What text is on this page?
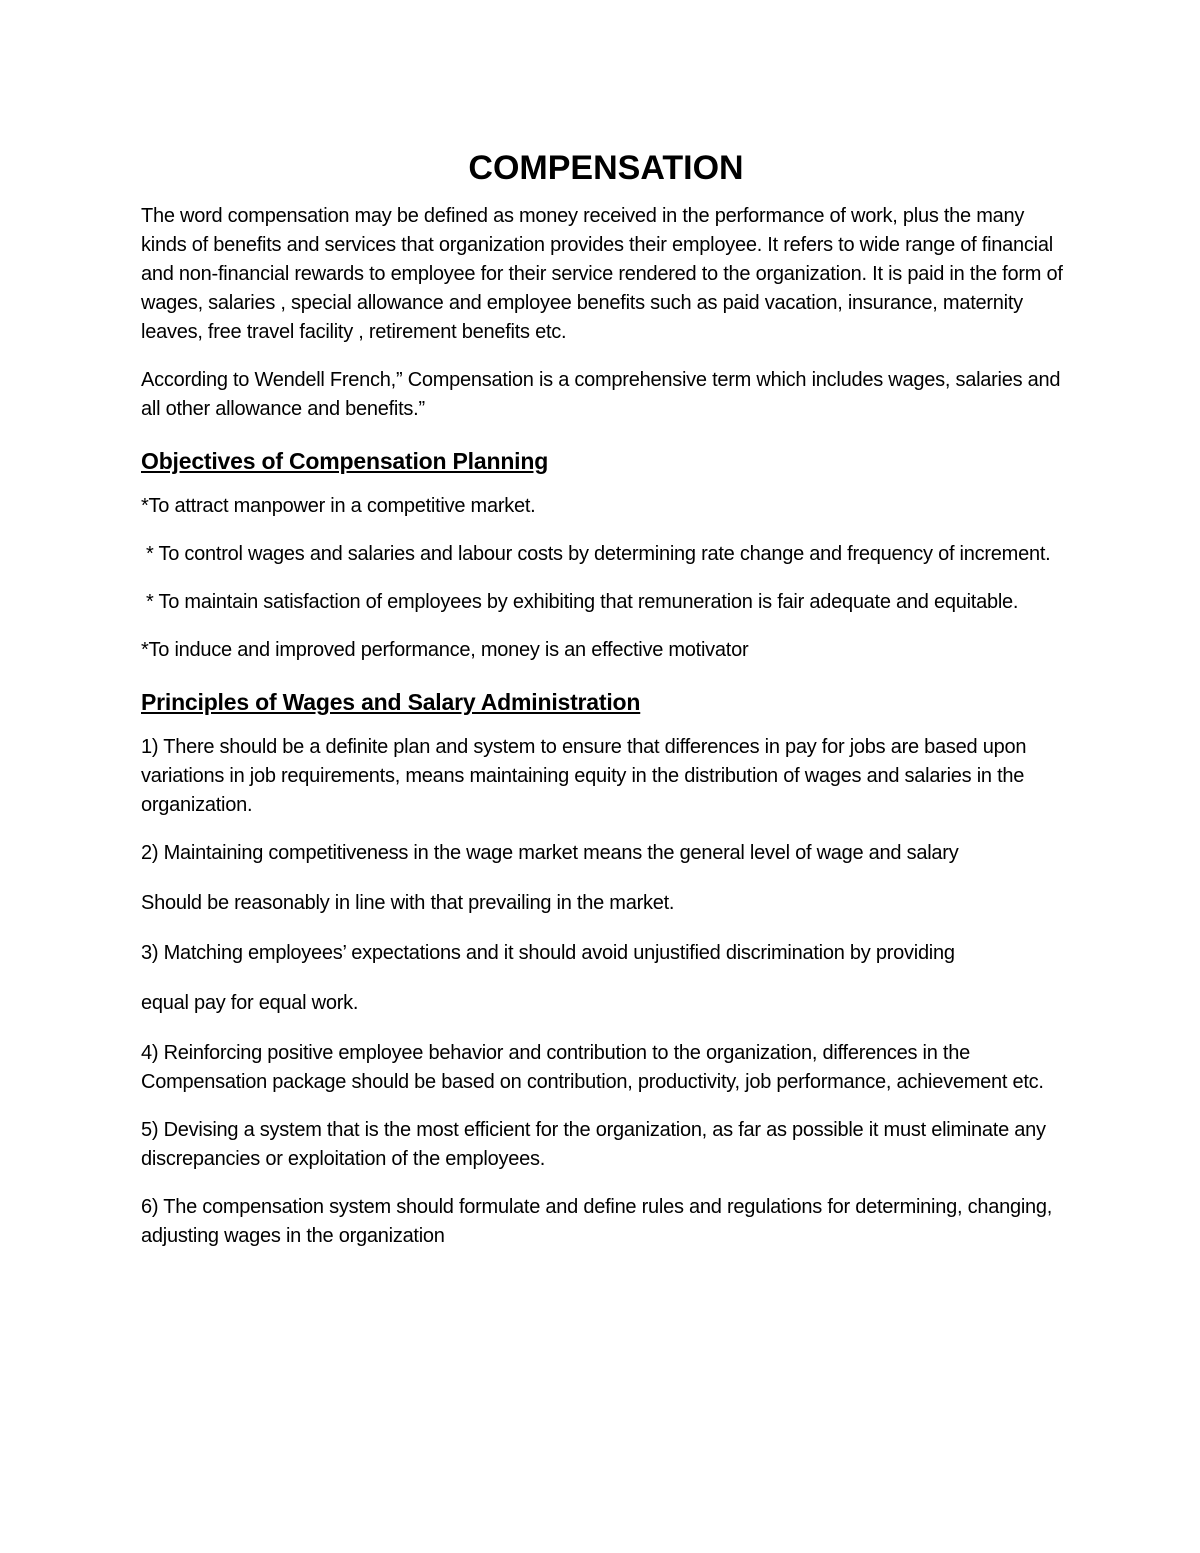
COMPENSATION

The word compensation may be defined as money received in the performance of work, plus the many kinds of benefits and services that organization provides their employee. It refers to wide range of financial and non-financial rewards to employee for their service rendered to the organization. It is paid in the form of wages, salaries , special allowance and employee benefits such as paid vacation, insurance, maternity leaves, free travel facility , retirement benefits etc.

According to Wendell French,” Compensation is a comprehensive term which includes wages, salaries and all other allowance and benefits.”

Objectives of Compensation Planning

*To attract manpower in a competitive market.

* To control wages and salaries and labour costs by determining rate change and frequency of increment.

* To maintain satisfaction of employees by exhibiting that remuneration is fair adequate and equitable.

*To induce and improved performance, money is an effective motivator

Principles of Wages and Salary Administration

1) There should be a definite plan and system to ensure that differences in pay for jobs are based upon variations in job requirements, means maintaining equity in the distribution of wages and salaries in the organization.

2) Maintaining competitiveness in the wage market means the general level of wage and salary

Should be reasonably in line with that prevailing in the market.

3) Matching employees’ expectations and it should avoid unjustified discrimination by providing

equal pay for equal work.

4) Reinforcing positive employee behavior and contribution to the organization, differences in the Compensation package should be based on contribution, productivity, job performance, achievement etc.

5) Devising a system that is the most efficient for the organization, as far as possible it must eliminate any discrepancies or exploitation of the employees.

6) The compensation system should formulate and define rules and regulations for determining, changing, adjusting wages in the organization
